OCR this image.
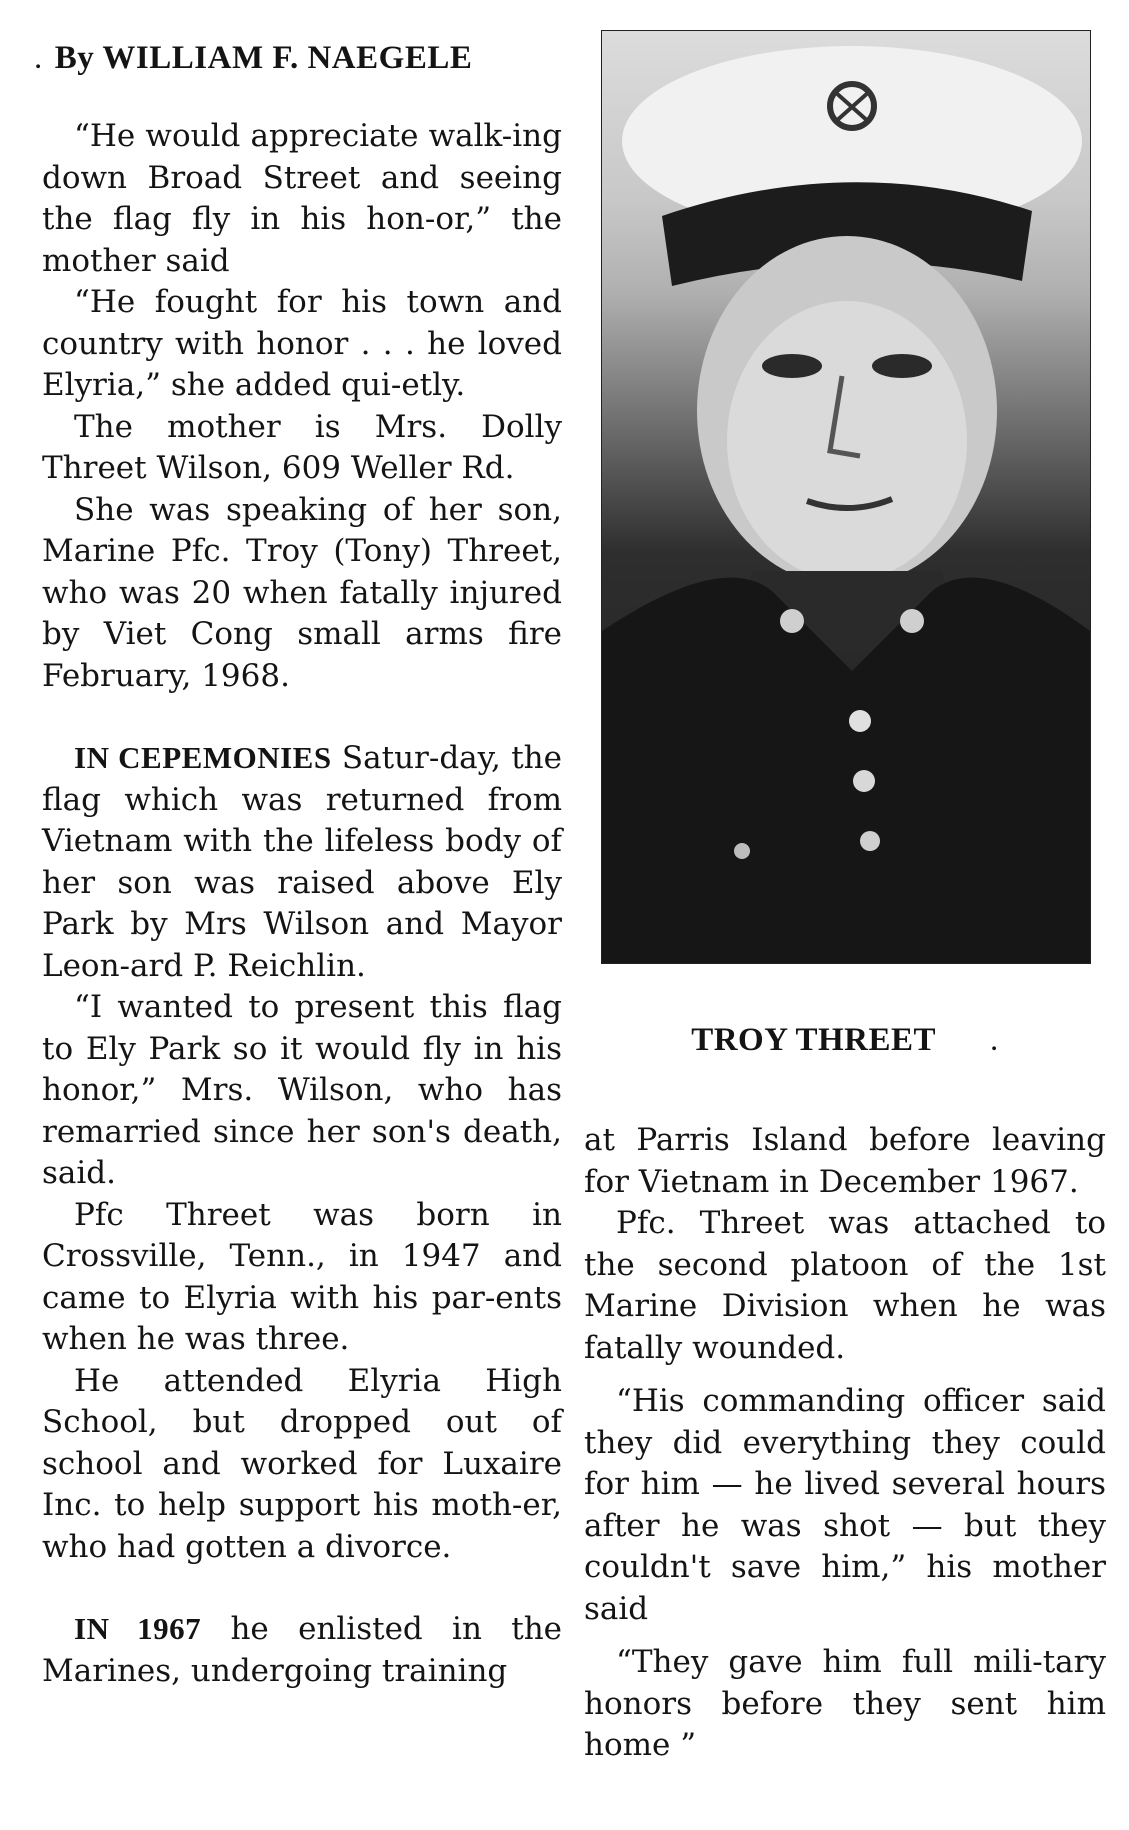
. By WILLIAM F. NAEGELE

“He would appreciate walk-ing down Broad Street and seeing the flag fly in his hon-or,” the mother said

“He fought for his town and country with honor . . . he loved Elyria,” she added qui-etly.

The mother is Mrs. Dolly Threet Wilson, 609 Weller Rd.

She was speaking of her son, Marine Pfc. Troy (Tony) Threet, who was 20 when fatally injured by Viet Cong small arms fire February, 1968.

IN CEPEMONIES Satur-day, the flag which was returned from Vietnam with the lifeless body of her son was raised above Ely Park by Mrs Wilson and Mayor Leon-ard P. Reichlin.

“I wanted to present this flag to Ely Park so it would fly in his honor,” Mrs. Wilson, who has remarried since her son's death, said.

Pfc Threet was born in Crossville, Tenn., in 1947 and came to Elyria with his par-ents when he was three.

He attended Elyria High School, but dropped out of school and worked for Luxaire Inc. to help support his moth-er, who had gotten a divorce.

IN 1967 he enlisted in the Marines, undergoing training

TROY THREET .

at Parris Island before leaving for Vietnam in December 1967.

Pfc. Threet was attached to the second platoon of the 1st Marine Division when he was fatally wounded.

“His commanding officer said they did everything they could for him — he lived several hours after he was shot — but they couldn't save him,” his mother said

“They gave him full mili-tary honors before they sent him home ”
